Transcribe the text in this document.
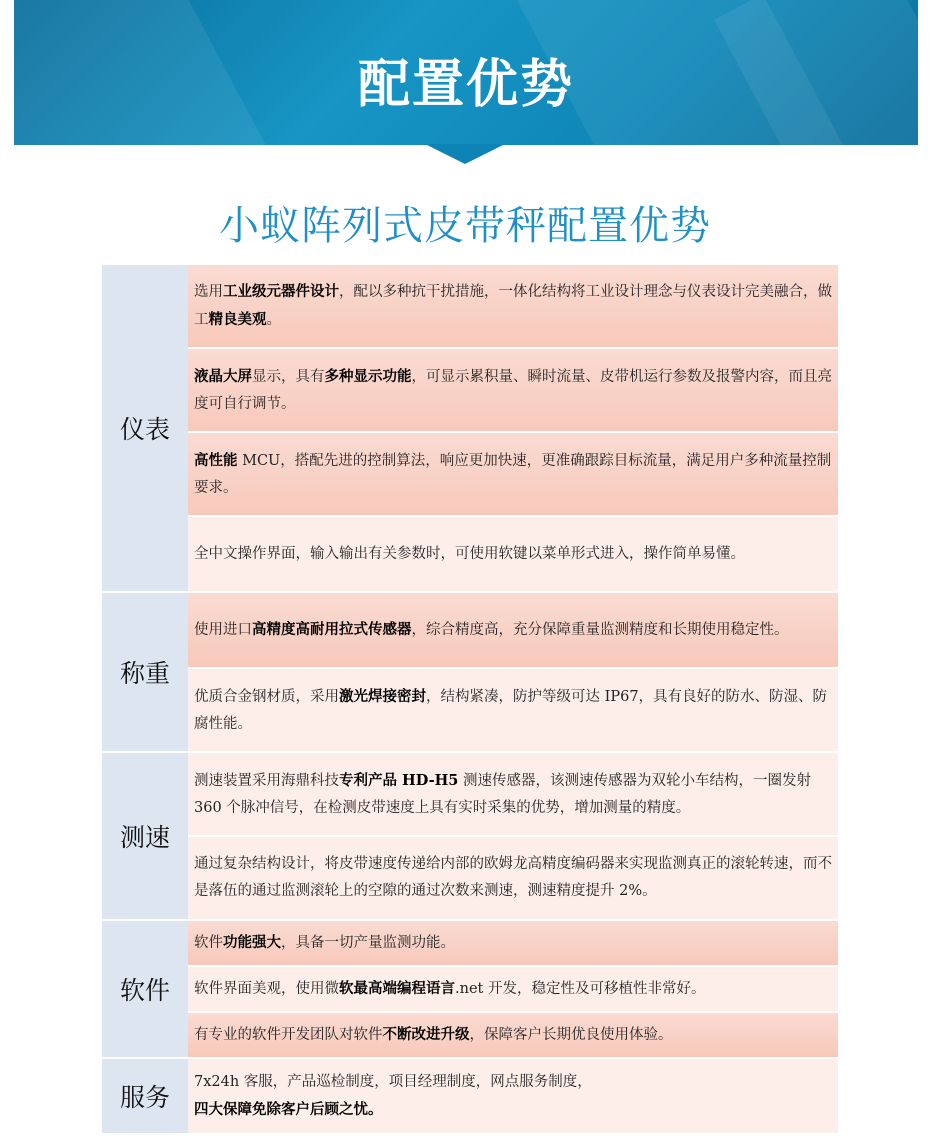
配置优势
小蚁阵列式皮带秤配置优势
仪表	选用工业级元器件设计，配以多种抗干扰措施，一体化结构将工业设计理念与仪表设计完美融合，做工精良美观。
	液晶大屏显示，具有多种显示功能，可显示累积量、瞬时流量、皮带机运行参数及报警内容，而且亮度可自行调节。
	高性能 MCU，搭配先进的控制算法，响应更加快速，更准确跟踪目标流量，满足用户多种流量控制要求。
	全中文操作界面，输入输出有关参数时，可使用软键以菜单形式进入，操作简单易懂。
称重	使用进口高精度高耐用拉式传感器，综合精度高，充分保障重量监测精度和长期使用稳定性。
	优质合金钢材质，采用激光焊接密封，结构紧凑，防护等级可达 IP67，具有良好的防水、防湿、防腐性能。
测速	测速装置采用海鼎科技专利产品 HD-H5 测速传感器，该测速传感器为双轮小车结构，一圈发射 360 个脉冲信号，在检测皮带速度上具有实时采集的优势，增加测量的精度。
	通过复杂结构设计，将皮带速度传递给内部的欧姆龙高精度编码器来实现监测真正的滚轮转速，而不是落伍的通过监测滚轮上的空隙的通过次数来测速，测速精度提升 2%。
软件	软件功能强大，具备一切产量监测功能。
	软件界面美观，使用微软最高端编程语言.net 开发，稳定性及可移植性非常好。
	有专业的软件开发团队对软件不断改进升级，保障客户长期优良使用体验。
服务	7x24h 客服，产品巡检制度，项目经理制度，网点服务制度，
四大保障免除客户后顾之忧。
